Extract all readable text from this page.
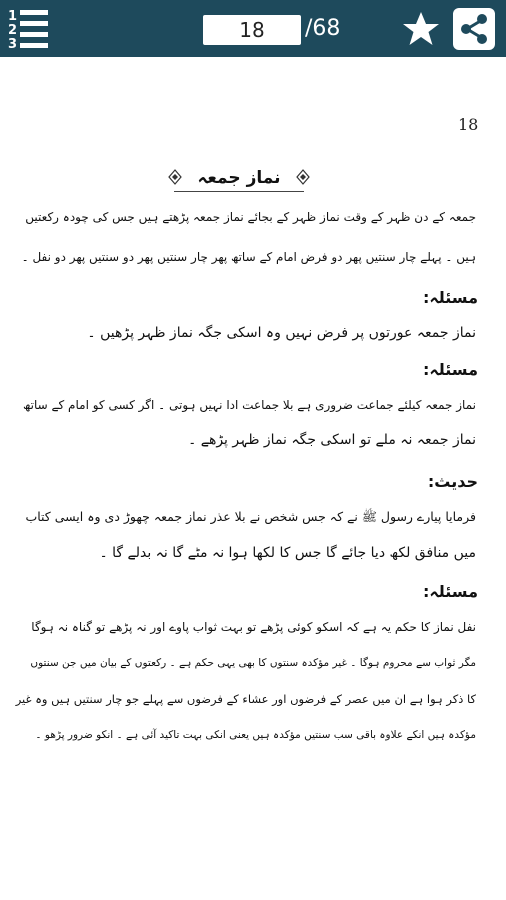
1
2
3
18	/68
18
نماز جمعہ
جمعہ کے دن ظہر کے وقت نماز ظہر کے بجائے نماز جمعہ پڑھتے ہیں جس کی چودہ رکعتیں
ہیں ۔ پہلے چار سنتیں پھر دو فرض امام کے ساتھ پھر چار سنتیں پھر دو سنتیں پھر دو نفل ۔
مسئلہ:
نماز جمعہ عورتوں پر فرض نہیں وہ اسکی جگہ نماز ظہر پڑھیں ۔
مسئلہ:
نماز جمعہ کیلئے جماعت ضروری ہے بلا جماعت ادا نہیں ہوتی ۔ اگر کسی کو امام کے ساتھ
نماز جمعہ نہ ملے تو اسکی جگہ نماز ظہر پڑھے ۔
حدیث:
فرمایا پیارے رسول ﷺ نے کہ جس شخص نے بلا عذر نماز جمعہ چھوڑ دی وہ ایسی کتاب
میں منافق لکھ دیا جائے گا جس کا لکھا ہوا نہ مٹے گا نہ بدلے گا ۔
مسئلہ:
نفل نماز کا حکم یہ ہے کہ اسکو کوئی پڑھے تو بہت ثواب پاوے اور نہ پڑھے تو گناہ نہ ہوگا
مگر ثواب سے محروم ہوگا ۔ غیر مؤکدہ سنتوں کا بھی یہی حکم ہے ۔ رکعتوں کے بیان میں جن سنتوں
کا ذکر ہوا ہے ان میں عصر کے فرضوں اور عشاء کے فرضوں سے پہلے جو چار سنتیں ہیں وہ غیر
مؤکدہ ہیں انکے علاوہ باقی سب سنتیں مؤکدہ ہیں یعنی انکی بہت تاکید آئی ہے ۔ انکو ضرور پڑھو ۔
